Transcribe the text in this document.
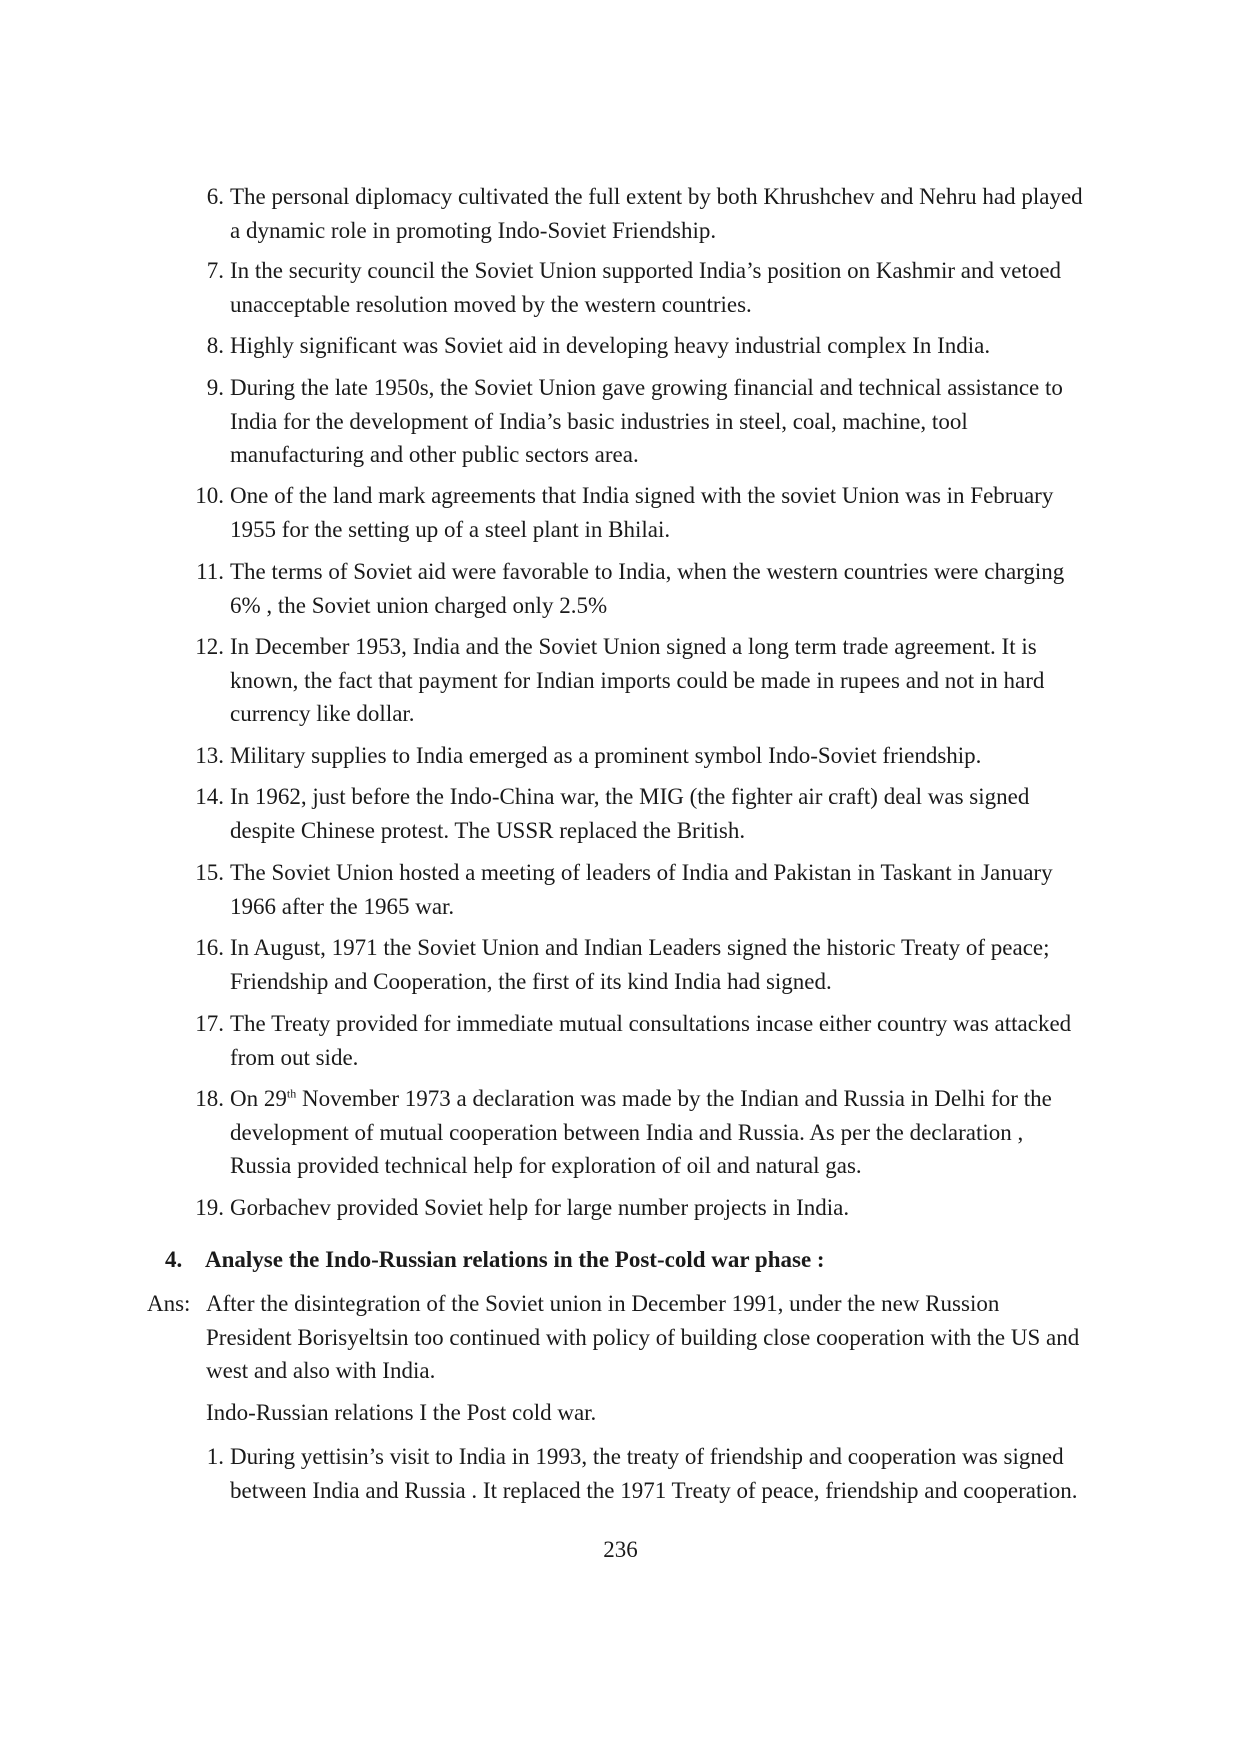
6. The personal diplomacy cultivated the full extent by both Khrushchev and Nehru had played a dynamic role in promoting Indo-Soviet Friendship.
7. In the security council the Soviet Union supported India’s position on Kashmir and vetoed unacceptable resolution moved by the western countries.
8. Highly significant was Soviet aid in developing heavy industrial complex In India.
9. During the late 1950s, the Soviet Union gave growing financial and technical assistance to India for the development of India’s basic industries in steel, coal, machine, tool manufacturing and other public sectors area.
10. One of the land mark agreements that India signed with the soviet Union was in February 1955 for the setting up of a steel plant in Bhilai.
11. The terms of Soviet aid were favorable to India, when the western countries were charging 6% , the Soviet union charged only 2.5%
12. In December 1953, India and the Soviet Union signed a long term trade agreement. It is known, the fact that payment for Indian imports could be made in rupees and not in hard currency like dollar.
13. Military supplies to India emerged as a prominent symbol Indo-Soviet friendship.
14. In 1962, just before the Indo-China war, the MIG (the fighter air craft) deal was signed despite Chinese protest. The USSR replaced the British.
15. The Soviet Union hosted a meeting of leaders of India and Pakistan in Taskant in January 1966 after the 1965 war.
16. In August, 1971 the Soviet Union and Indian Leaders signed the historic Treaty of peace; Friendship and Cooperation, the first of its kind India had signed.
17. The Treaty provided for immediate mutual consultations incase either country was attacked from out side.
18. On 29th November 1973 a declaration was made by the Indian and Russia in Delhi for the development of mutual cooperation between India and Russia. As per the declaration , Russia provided technical help for exploration of oil and natural gas.
19. Gorbachev provided Soviet help for large number projects in India.
4. Analyse the Indo-Russian relations in the Post-cold war phase :
Ans: After the disintegration of the Soviet union in December 1991, under the new Russion President Borisyeltsin too continued with policy of building close cooperation with the US and west and also with India.
Indo-Russian relations I the Post cold war.
1. During yettisin’s visit to India in 1993, the treaty of friendship and cooperation was signed between India and Russia . It replaced the 1971 Treaty of peace, friendship and cooperation.
236
